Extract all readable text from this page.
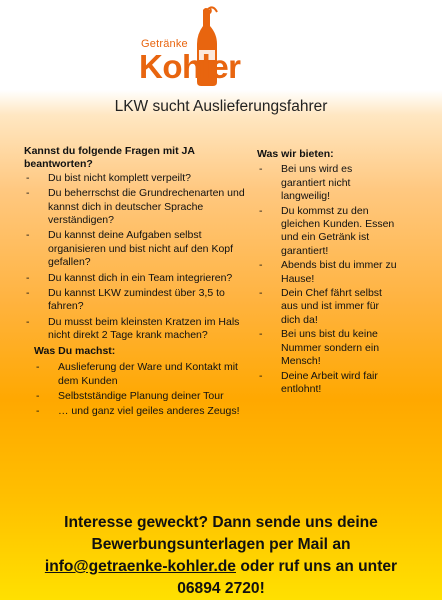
Getränke
Kohler
LKW sucht Auslieferungsfahrer
Kannst du folgende Fragen mit JA beantworten?
- Du bist nicht komplett verpeilt?
- Du beherrschst die Grundrechenarten und kannst dich in deutscher Sprache verständigen?
- Du kannst deine Aufgaben selbst organisieren und bist nicht auf den Kopf gefallen?
- Du kannst dich in ein Team integrieren?
- Du kannst LKW zumindest über 3,5 to fahren?
- Du musst beim kleinsten Kratzen im Hals nicht direkt 2 Tage krank machen?
Was Du machst:
- Auslieferung der Ware und Kontakt mit dem Kunden
- Selbstständige Planung deiner Tour
- … und ganz viel geiles anderes Zeugs!
Was wir bieten:
- Bei uns wird es garantiert nicht langweilig!
- Du kommst zu den gleichen Kunden. Essen und ein Getränk ist garantiert!
- Abends bist du immer zu Hause!
- Dein Chef fährt selbst aus und ist immer für dich da!
- Bei uns bist du keine Nummer sondern ein Mensch!
- Deine Arbeit wird fair entlohnt!
Interesse geweckt? Dann sende uns deine
Bewerbungsunterlagen per Mail an
info@getraenke-kohler.de oder ruf uns an unter
06894 2720!
